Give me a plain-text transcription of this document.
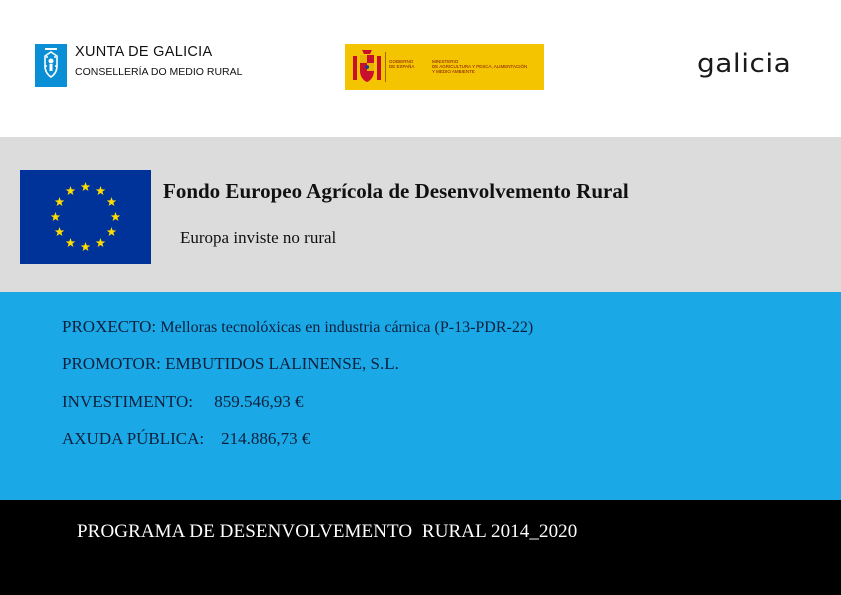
XUNTA DE GALICIA
CONSELLERÍA DO MEDIO RURAL
GOBIERNO
DE ESPAÑA
MINISTERIO
DE AGRICULTURA Y PESCA, ALIMENTACIÓN
Y MEDIO AMBIENTE	galicia
Fondo Europeo Agrícola de Desenvolvemento Rural
Europa inviste no rural
PROXECTO: Melloras tecnolóxicas en industria cárnica (P-13-PDR-22)
PROMOTOR: EMBUTIDOS LALINENSE, S.L.
INVESTIMENTO: 859.546,93 €
AXUDA PÚBLICA: 214.886,73 €
PROGRAMA DE DESENVOLVEMENTO  RURAL 2014_2020
